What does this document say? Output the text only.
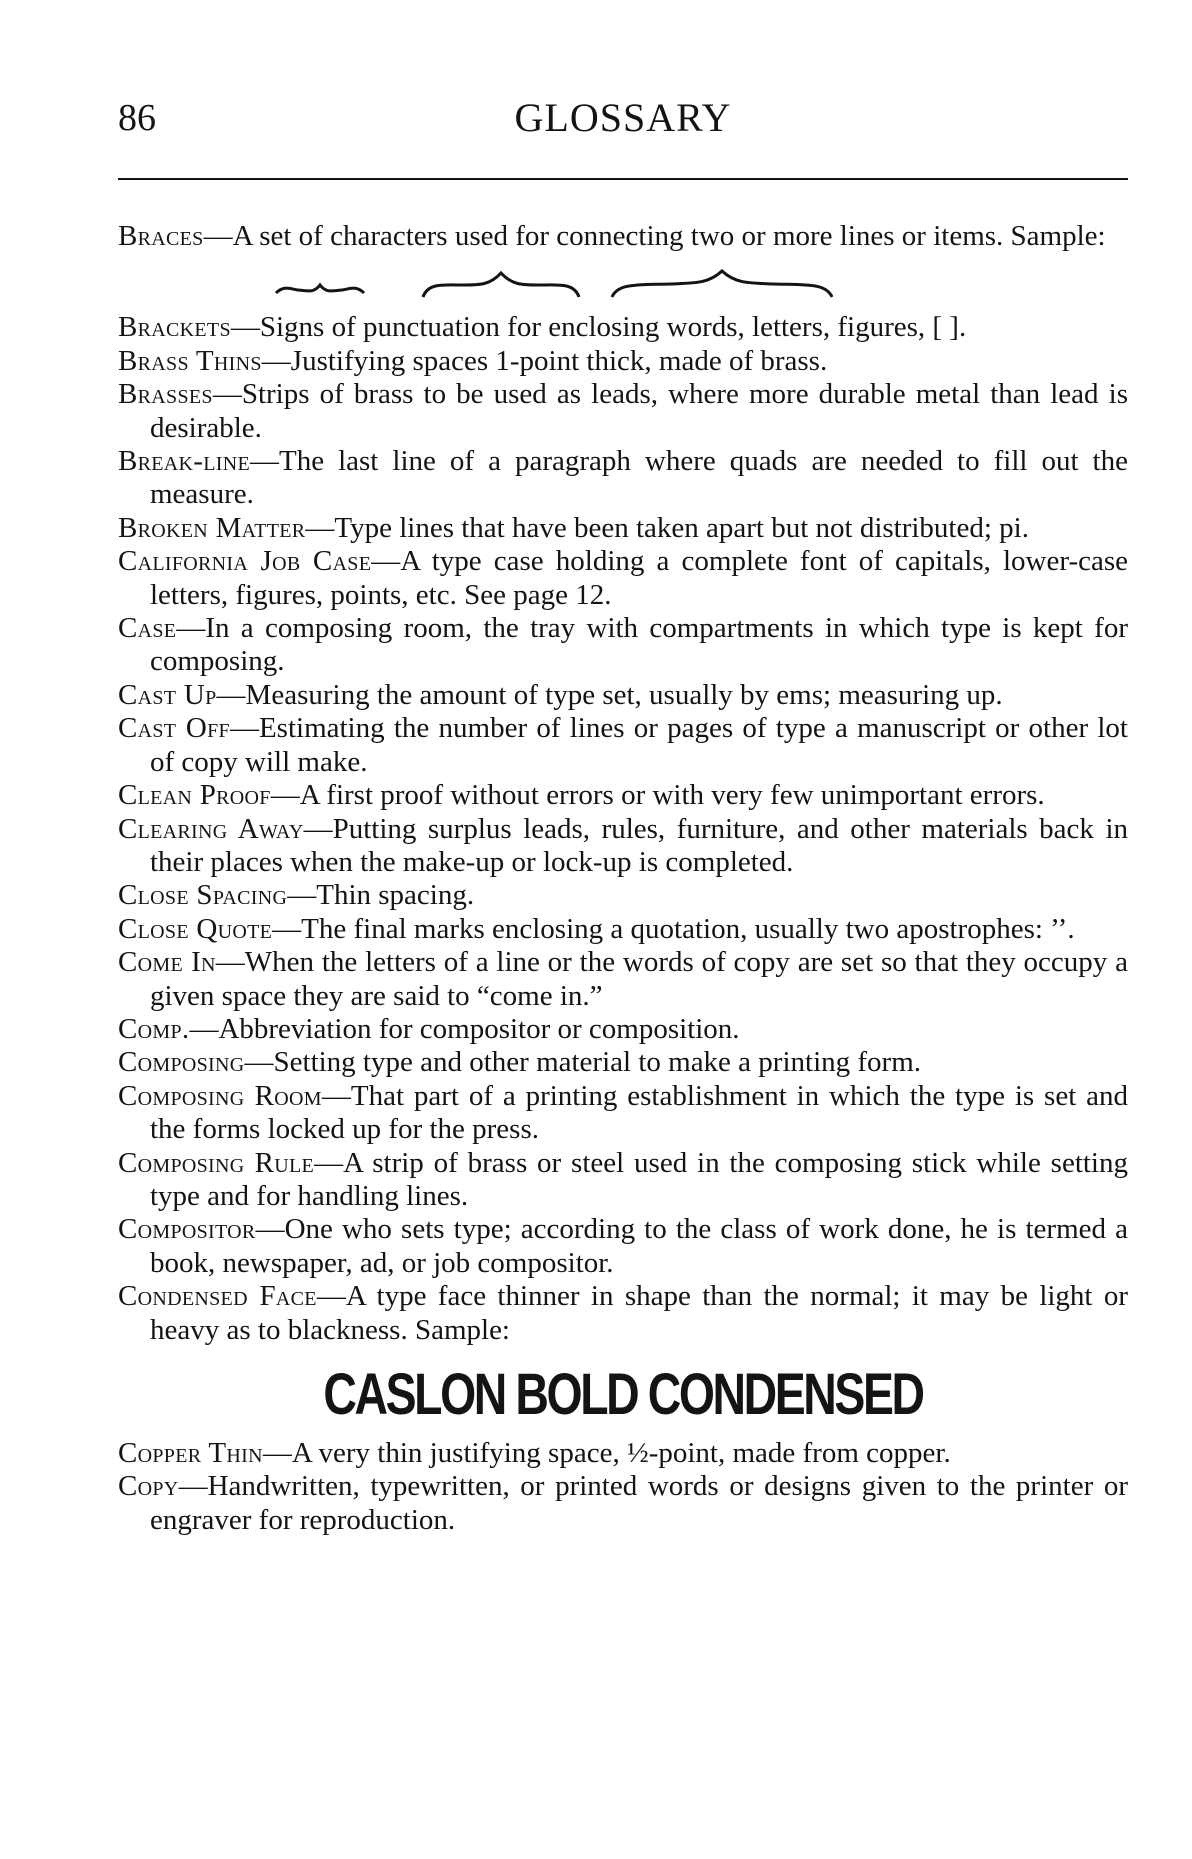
86	GLOSSARY

Braces—A set of characters used for connecting two or more lines or items. Sample:

Brackets—Signs of punctuation for enclosing words, letters, figures, [ ].

Brass Thins—Justifying spaces 1-point thick, made of brass.

Brasses—Strips of brass to be used as leads, where more durable metal than lead is desirable.

Break-line—The last line of a paragraph where quads are needed to fill out the measure.

Broken Matter—Type lines that have been taken apart but not distributed; pi.

California Job Case—A type case holding a complete font of capitals, lower-case letters, figures, points, etc. See page 12.

Case—In a composing room, the tray with compartments in which type is kept for composing.

Cast Up—Measuring the amount of type set, usually by ems; measuring up.

Cast Off—Estimating the number of lines or pages of type a manuscript or other lot of copy will make.

Clean Proof—A first proof without errors or with very few unimportant errors.

Clearing Away—Putting surplus leads, rules, furniture, and other materials back in their places when the make-up or lock-up is completed.

Close Spacing—Thin spacing.

Close Quote—The final marks enclosing a quotation, usually two apostrophes: ’’.

Come In—When the letters of a line or the words of copy are set so that they occupy a given space they are said to “come in.”

Comp.—Abbreviation for compositor or composition.

Composing—Setting type and other material to make a printing form.

Composing Room—That part of a printing establishment in which the type is set and the forms locked up for the press.

Composing Rule—A strip of brass or steel used in the composing stick while setting type and for handling lines.

Compositor—One who sets type; according to the class of work done, he is termed a book, newspaper, ad, or job compositor.

Condensed Face—A type face thinner in shape than the normal; it may be light or heavy as to blackness. Sample:

CASLON BOLD CONDENSED

Copper Thin—A very thin justifying space, ½-point, made from copper.

Copy—Handwritten, typewritten, or printed words or designs given to the printer or engraver for reproduction.
